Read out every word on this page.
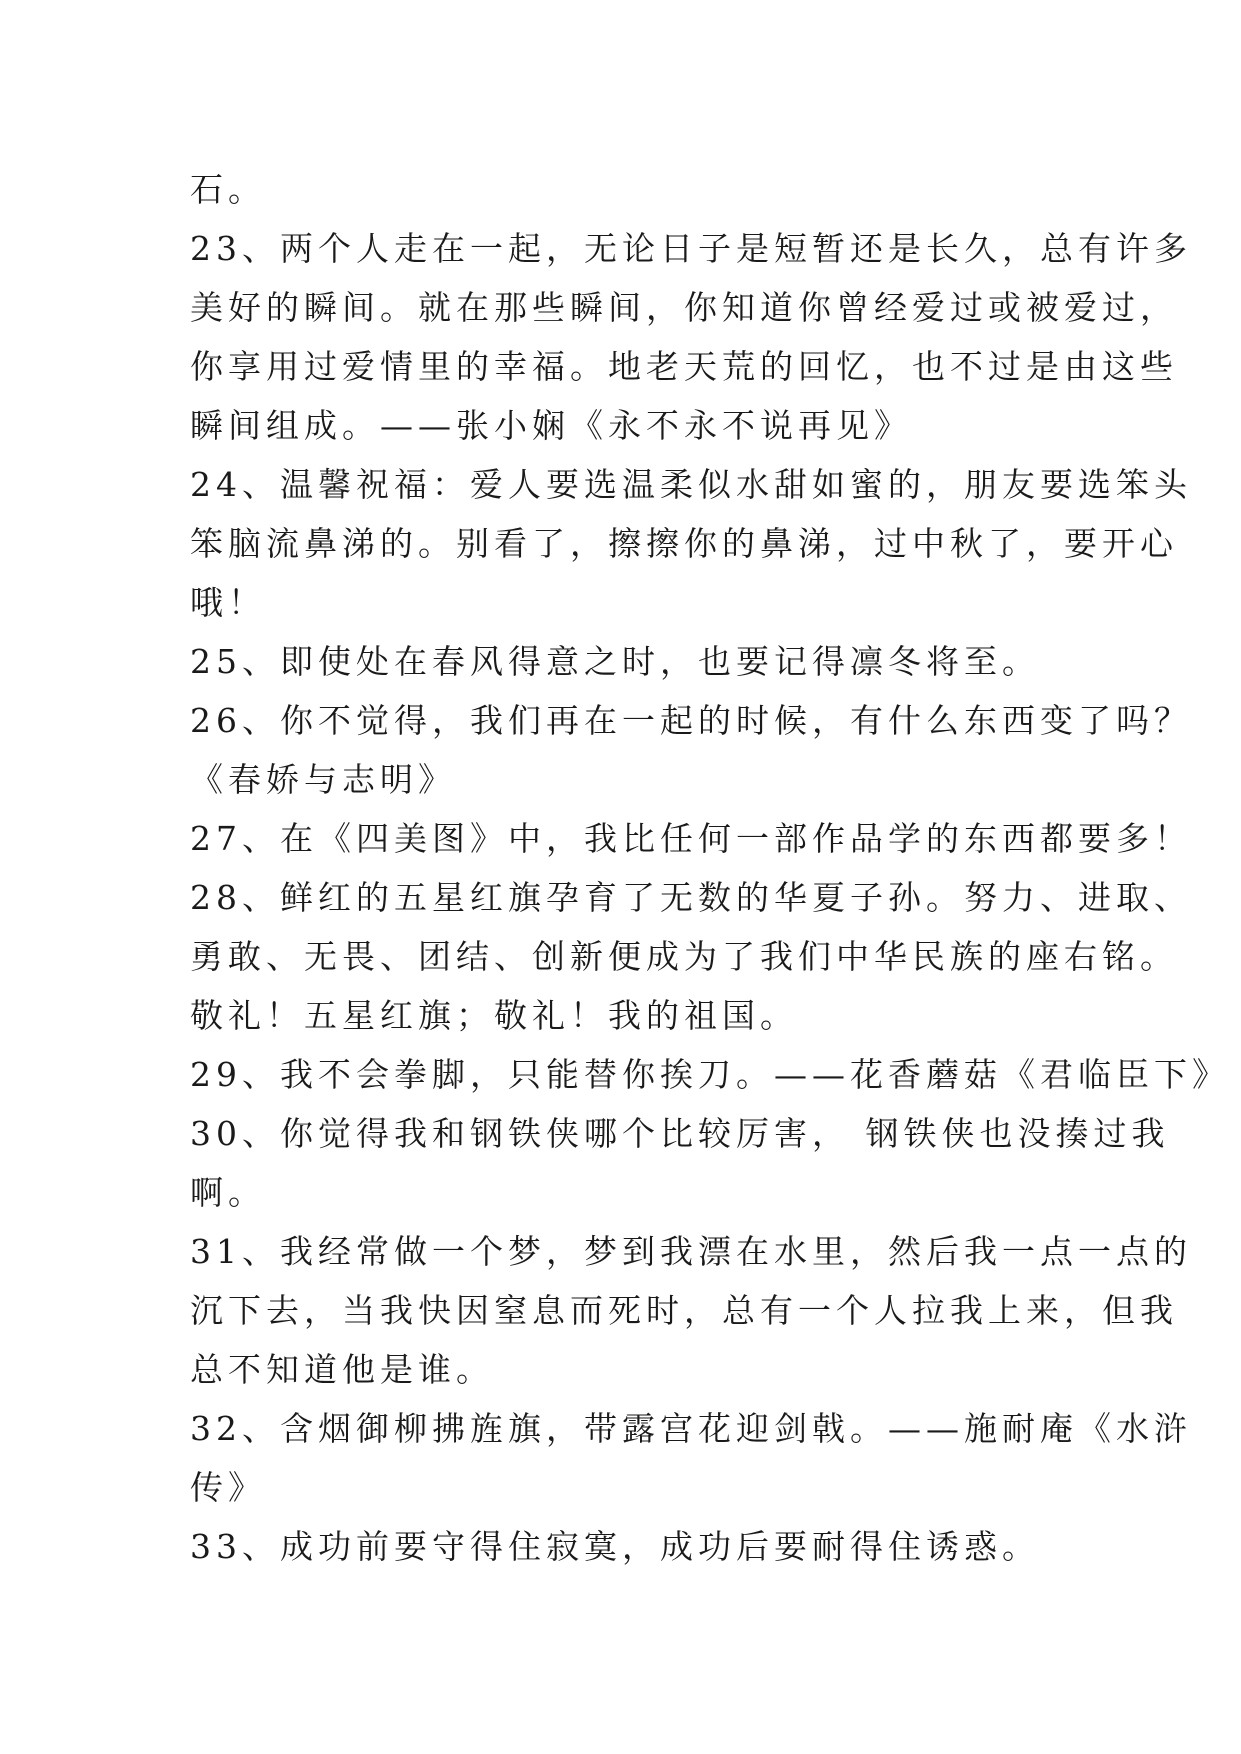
石。
23、两个人走在一起，无论日子是短暂还是长久，总有许多
美好的瞬间。就在那些瞬间，你知道你曾经爱过或被爱过，
你享用过爱情里的幸福。地老天荒的回忆，也不过是由这些
瞬间组成。——张小娴《永不永不说再见》
24、温馨祝福：爱人要选温柔似水甜如蜜的，朋友要选笨头
笨脑流鼻涕的。别看了，擦擦你的鼻涕，过中秋了，要开心
哦！
25、即使处在春风得意之时，也要记得凛冬将至。
26、你不觉得，我们再在一起的时候，有什么东西变了吗？
《春娇与志明》
27、在《四美图》中，我比任何一部作品学的东西都要多！
28、鲜红的五星红旗孕育了无数的华夏子孙。努力、进取、
勇敢、无畏、团结、创新便成为了我们中华民族的座右铭。
敬礼！五星红旗；敬礼！我的祖国。
29、我不会拳脚，只能替你挨刀。——花香蘑菇《君临臣下》
30、你觉得我和钢铁侠哪个比较厉害， 钢铁侠也没揍过我
啊。
31、我经常做一个梦，梦到我漂在水里，然后我一点一点的
沉下去，当我快因窒息而死时，总有一个人拉我上来，但我
总不知道他是谁。
32、含烟御柳拂旌旗，带露宫花迎剑戟。——施耐庵《水浒
传》
33、成功前要守得住寂寞，成功后要耐得住诱惑。
